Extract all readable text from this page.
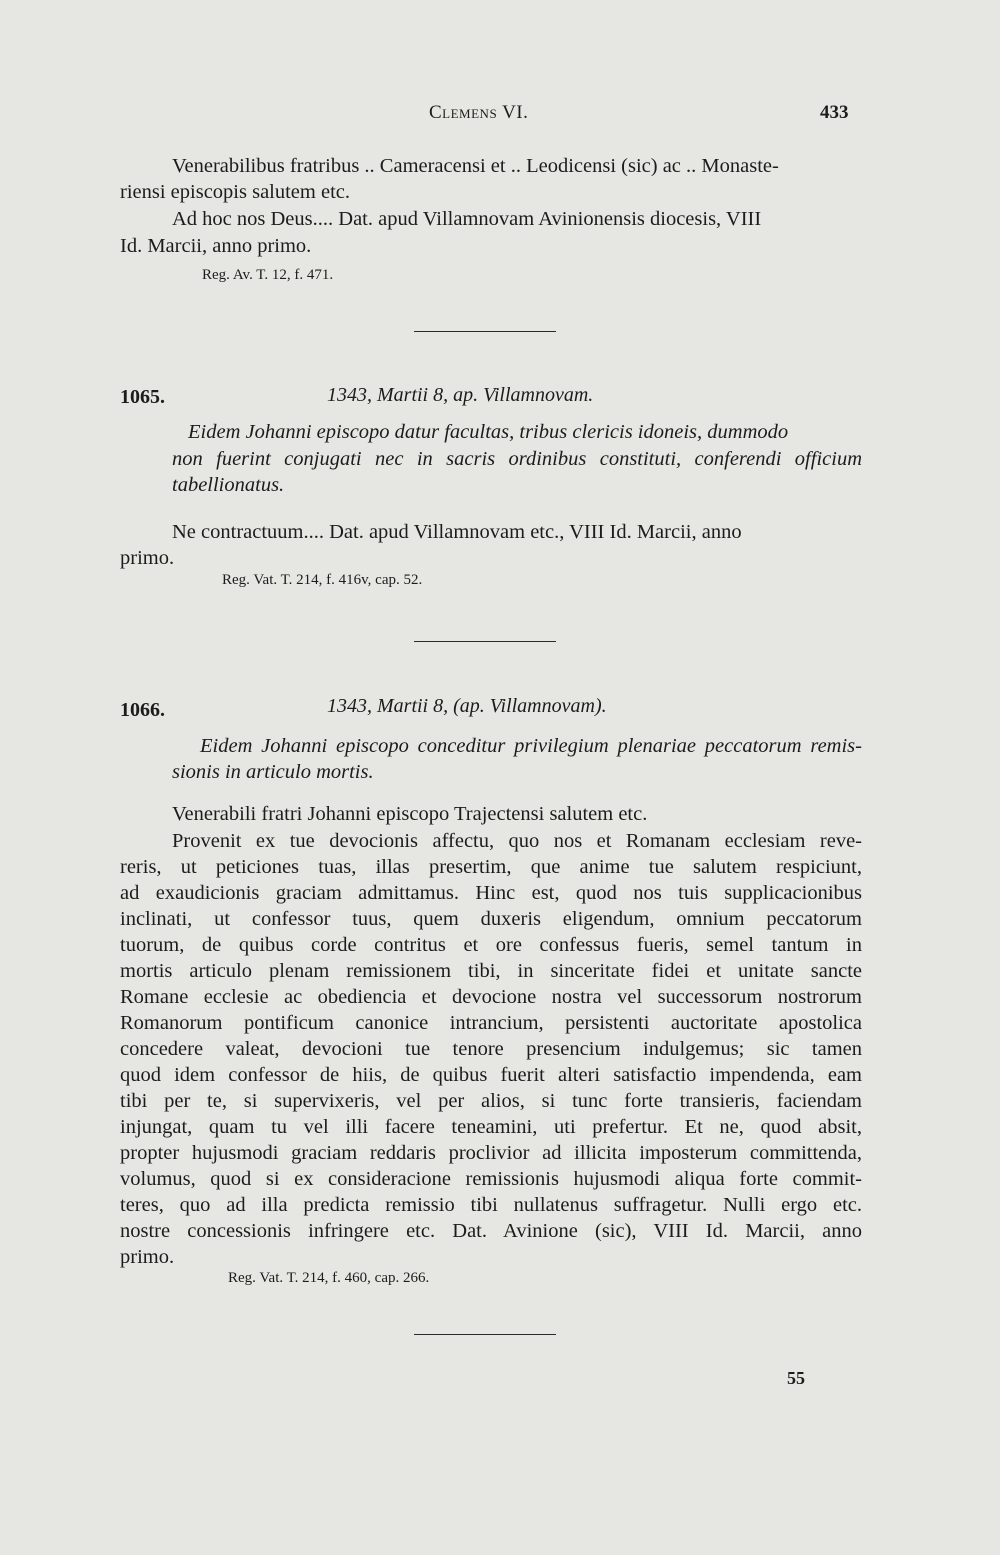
Clemens VI.	433
Venerabilibus fratribus .. Cameracensi et .. Leodicensi (sic) ac .. Monaste-
riensi episcopis salutem etc.
Ad hoc nos Deus.... Dat. apud Villamnovam Avinionensis diocesis, VIII
Id. Marcii, anno primo.
Reg. Av. T. 12, f. 471.
1065.	1343, Martii 8, ap. Villamnovam.
Eidem Johanni episcopo datur facultas, tribus clericis idoneis, dummodo
non fuerint conjugati nec in sacris ordinibus constituti, conferendi officium
tabellionatus.
Ne contractuum.... Dat. apud Villamnovam etc., VIII Id. Marcii, anno
primo.
Reg. Vat. T. 214, f. 416v, cap. 52.
1066.	1343, Martii 8, (ap. Villamnovam).
Eidem Johanni episcopo conceditur privilegium plenariae peccatorum remis-
sionis in articulo mortis.
Venerabili fratri Johanni episcopo Trajectensi salutem etc.
Provenit ex tue devocionis affectu, quo nos et Romanam ecclesiam reve-
reris, ut peticiones tuas, illas presertim, que anime tue salutem respiciunt,
ad exaudicionis graciam admittamus. Hinc est, quod nos tuis supplicacionibus
inclinati, ut confessor tuus, quem duxeris eligendum, omnium peccatorum
tuorum, de quibus corde contritus et ore confessus fueris, semel tantum in
mortis articulo plenam remissionem tibi, in sinceritate fidei et unitate sancte
Romane ecclesie ac obediencia et devocione nostra vel successorum nostrorum
Romanorum pontificum canonice intrancium, persistenti auctoritate apostolica
concedere valeat, devocioni tue tenore presencium indulgemus; sic tamen
quod idem confessor de hiis, de quibus fuerit alteri satisfactio impendenda, eam
tibi per te, si supervixeris, vel per alios, si tunc forte transieris, faciendam
injungat, quam tu vel illi facere teneamini, uti prefertur. Et ne, quod absit,
propter hujusmodi graciam reddaris proclivior ad illicita imposterum committenda,
volumus, quod si ex consideracione remissionis hujusmodi aliqua forte commit-
teres, quo ad illa predicta remissio tibi nullatenus suffragetur. Nulli ergo etc.
nostre concessionis infringere etc. Dat. Avinione (sic), VIII Id. Marcii, anno
primo.
Reg. Vat. T. 214, f. 460, cap. 266.
55
